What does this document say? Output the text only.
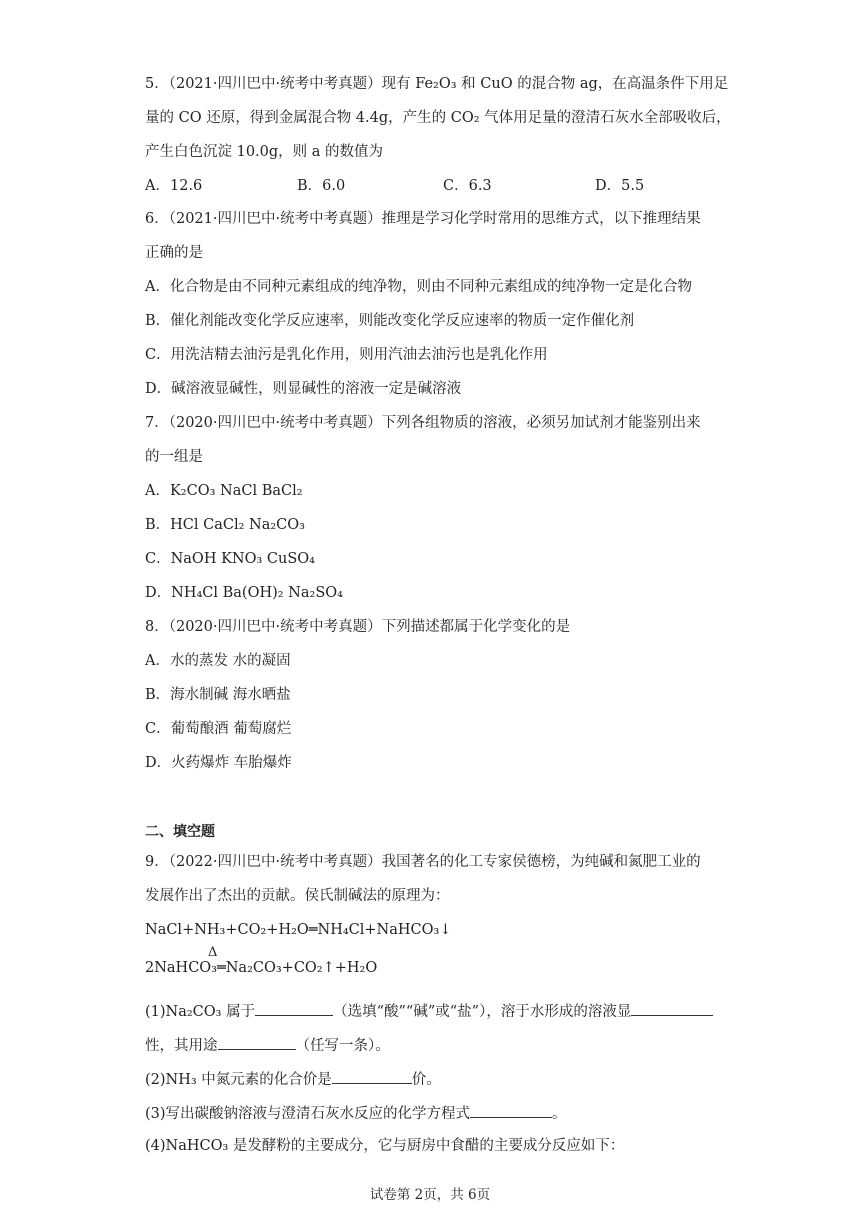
5．（2021·四川巴中·统考中考真题）现有 Fe₂O₃ 和 CuO 的混合物 ag，在高温条件下用足
量的 CO 还原，得到金属混合物 4.4g，产生的 CO₂ 气体用足量的澄清石灰水全部吸收后，
产生白色沉淀 10.0g，则 a 的数值为
A．12.6	B．6.0	C．6.3	D．5.5
6．（2021·四川巴中·统考中考真题）推理是学习化学时常用的思维方式，以下推理结果
正确的是
A．化合物是由不同种元素组成的纯净物，则由不同种元素组成的纯净物一定是化合物
B．催化剂能改变化学反应速率，则能改变化学反应速率的物质一定作催化剂
C．用洗洁精去油污是乳化作用，则用汽油去油污也是乳化作用
D．碱溶液显碱性，则显碱性的溶液一定是碱溶液
7．（2020·四川巴中·统考中考真题）下列各组物质的溶液，必须另加试剂才能鉴别出来
的一组是
A．K₂CO₃ NaCl BaCl₂
B．HCl CaCl₂ Na₂CO₃
C．NaOH KNO₃ CuSO₄
D．NH₄Cl Ba(OH)₂ Na₂SO₄
8．（2020·四川巴中·统考中考真题）下列描述都属于化学变化的是
A．水的蒸发 水的凝固
B．海水制碱 海水晒盐
C．葡萄酿酒 葡萄腐烂
D．火药爆炸 车胎爆炸
二、填空题
9．（2022·四川巴中·统考中考真题）我国著名的化工专家侯德榜，为纯碱和氮肥工业的
发展作出了杰出的贡献。侯氏制碱法的原理为：
NaCl+NH₃+CO₂+H₂O═NH₄Cl+NaHCO₃↓
Δ
2NaHCO₃═Na₂CO₃+CO₂↑+H₂O
(1)Na₂CO₃ 属于	（选填“酸”“碱”或“盐”），溶于水形成的溶液显
性，其用途	（任写一条）。
(2)NH₃ 中氮元素的化合价是	价。
(3)写出碳酸钠溶液与澄清石灰水反应的化学方程式	。
(4)NaHCO₃ 是发酵粉的主要成分，它与厨房中食醋的主要成分反应如下：
试卷第 2页，共 6页
